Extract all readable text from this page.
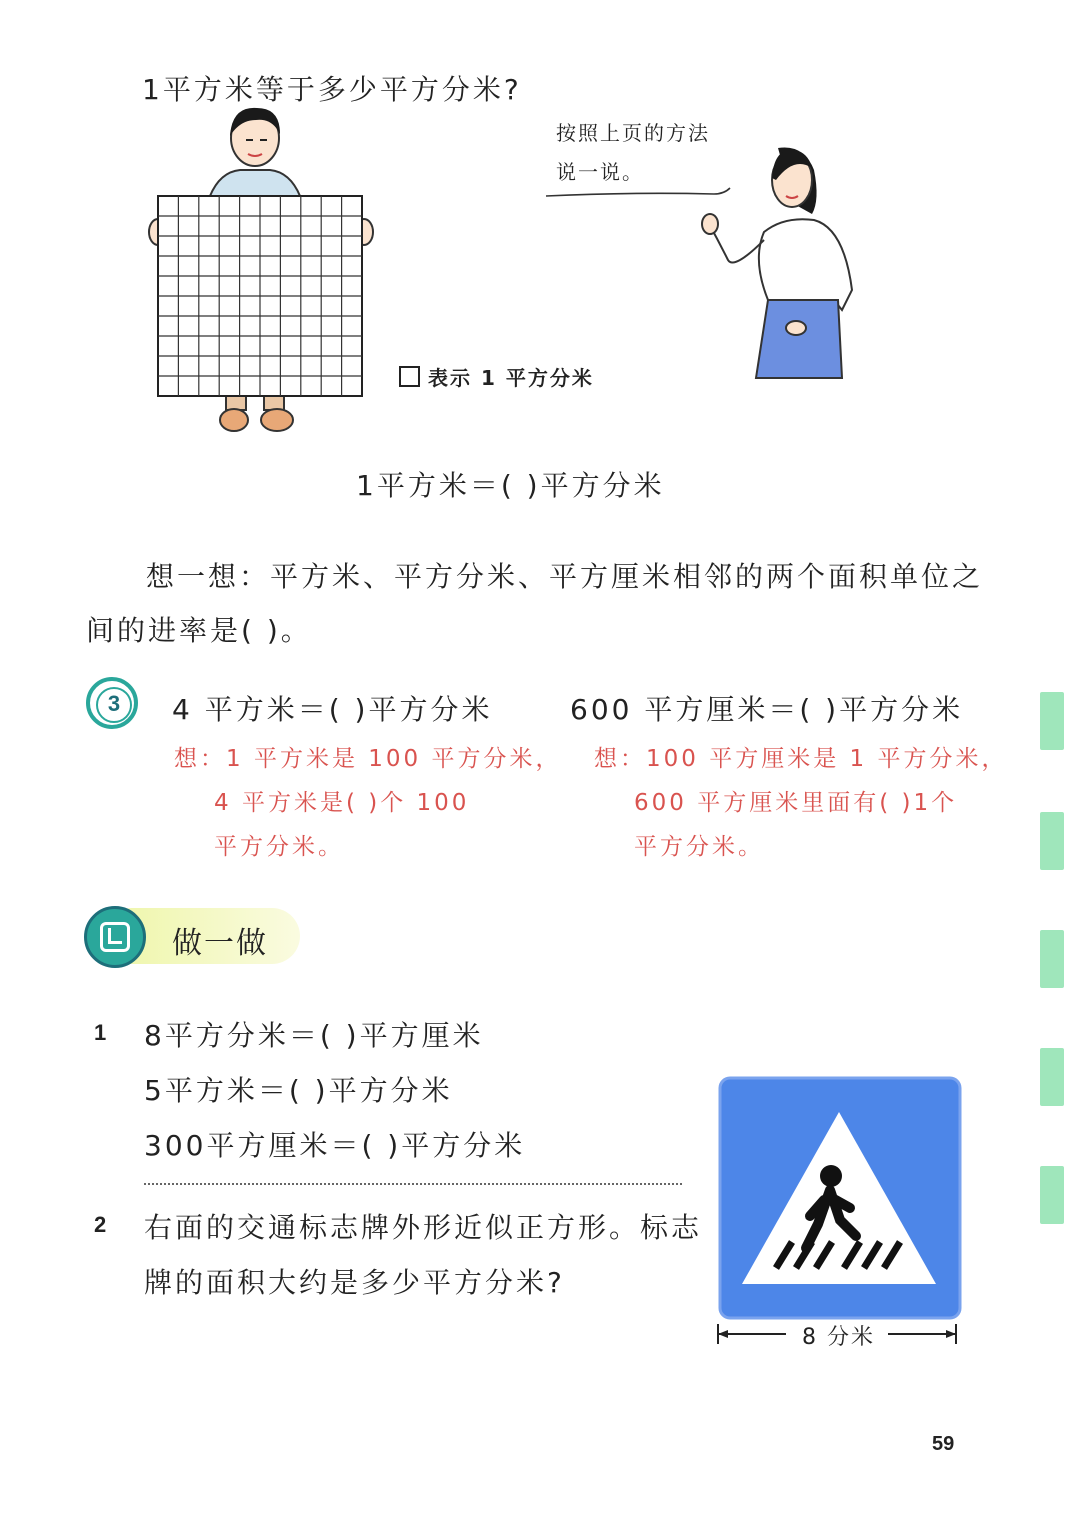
1平方米等于多少平方分米?
表示 1 平方分米
按照上页的方法
说一说。
1平方米＝( )平方分米
想一想：平方米、平方分米、平方厘米相邻的两个面积单位之
间的进率是( )。
3	4 平方米＝( )平方分米
想：1 平方米是 100 平方分米，
4 平方米是( )个 100
平方分米。
600 平方厘米＝( )平方分米
想：100 平方厘米是 1 平方分米，
600 平方厘米里面有( )1个
平方分米。
做一做
1 8平方分米＝( )平方厘米
5平方米＝( )平方分米
300平方厘米＝( )平方分米
2 右面的交通标志牌外形近似正方形。标志
牌的面积大约是多少平方分米?
8 分米
59
